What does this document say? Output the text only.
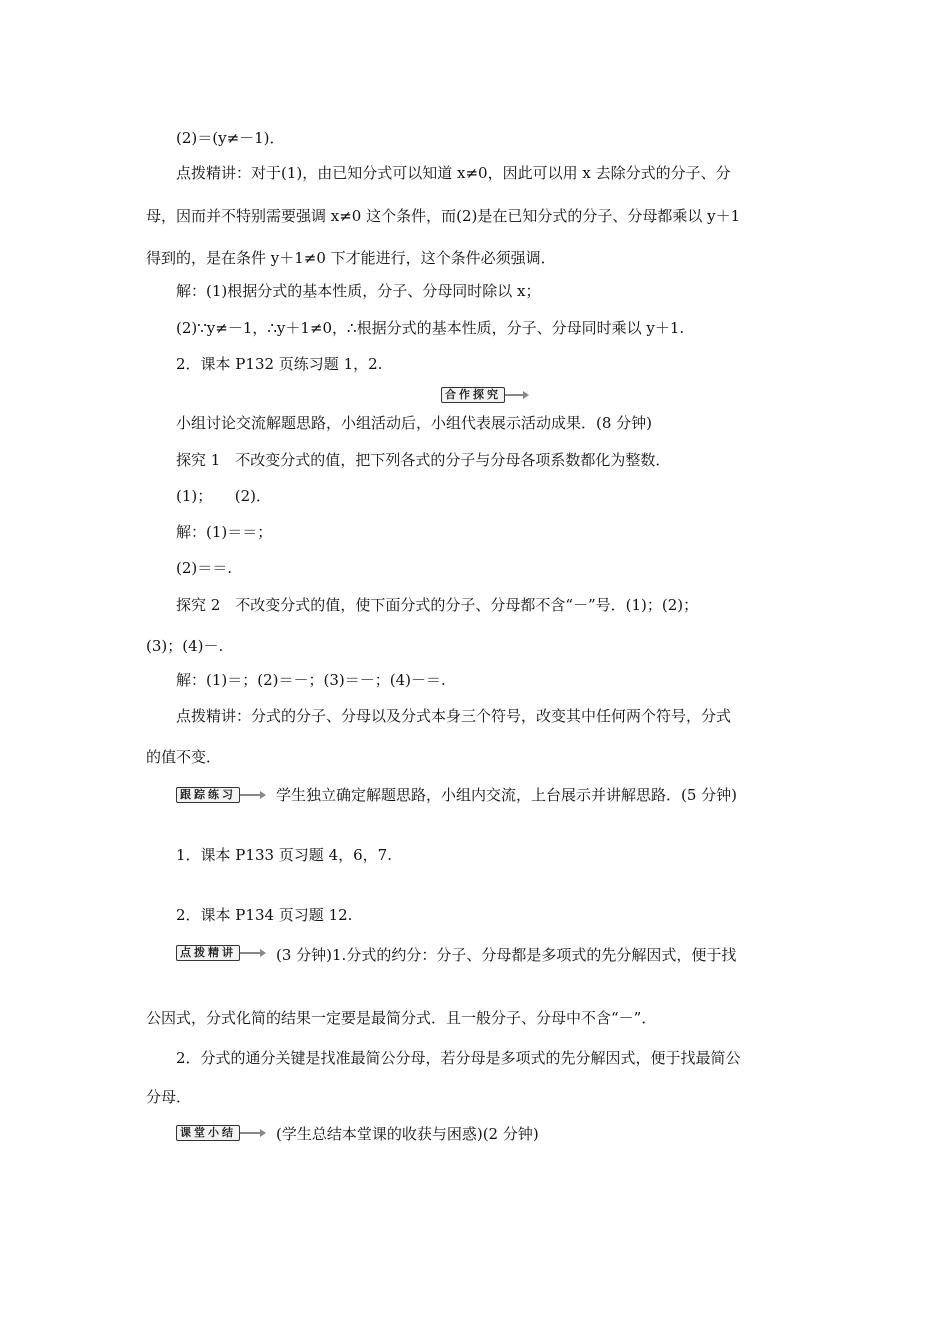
(2)＝(y≠－1)．
点拨精讲：对于(1)，由已知分式可以知道 x≠0，因此可以用 x 去除分式的分子、分
母，因而并不特别需要强调 x≠0 这个条件，而(2)是在已知分式的分子、分母都乘以 y＋1
得到的，是在条件 y＋1≠0 下才能进行，这个条件必须强调．
解：(1)根据分式的基本性质，分子、分母同时除以 x；
(2)∵y≠－1，∴y＋1≠0，∴根据分式的基本性质，分子、分母同时乘以 y＋1.
2．课本 P132 页练习题 1，2.
合作探究
小组讨论交流解题思路，小组活动后，小组代表展示活动成果．(8 分钟)
探究 1　不改变分式的值，把下列各式的分子与分母各项系数都化为整数．
(1)；　　(2)．
解：(1)＝＝；
(2)＝＝.
探究 2　不改变分式的值，使下面分式的分子、分母都不含“－”号．(1)；(2)；
(3)；(4)－.
解：(1)＝；(2)＝－；(3)＝－；(4)－＝.
点拨精讲：分式的分子、分母以及分式本身三个符号，改变其中任何两个符号，分式
的值不变．
跟踪练习	学生独立确定解题思路，小组内交流，上台展示并讲解思路．(5 分钟)
1．课本 P133 页习题 4，6，7.
2．课本 P134 页习题 12.
点拨精讲	(3 分钟)1.分式的约分：分子、分母都是多项式的先分解因式，便于找
公因式，分式化简的结果一定要是最简分式．且一般分子、分母中不含“－”．
2．分式的通分关键是找准最简公分母，若分母是多项式的先分解因式，便于找最简公
分母．
课堂小结	(学生总结本堂课的收获与困惑)(2 分钟)
